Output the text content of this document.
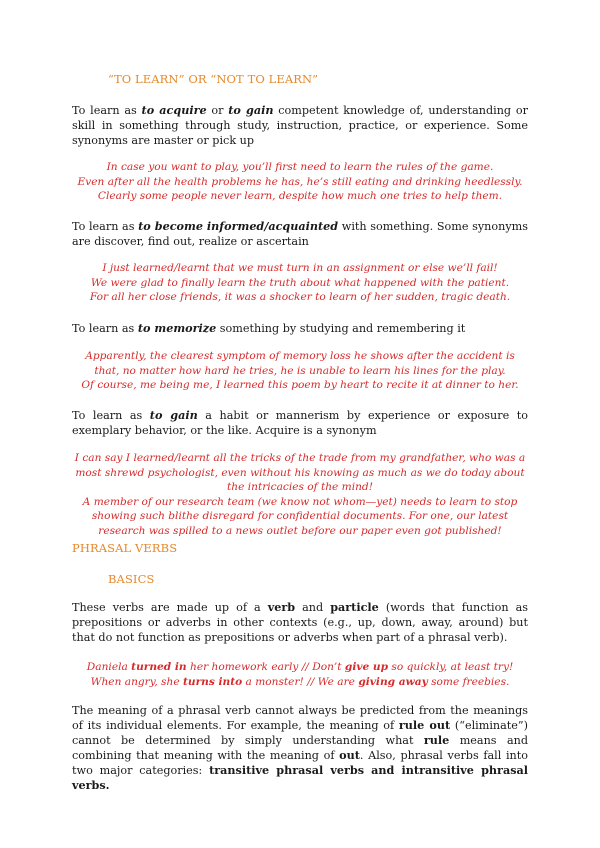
“TO LEARN” OR “NOT TO LEARN”

To learn as to acquire or to gain competent knowledge of, understanding or skill in something through study, instruction, practice, or experience. Some synonyms are master or pick up

In case you want to play, you’ll first need to learn the rules of the game.
Even after all the health problems he has, he’s still eating and drinking heedlessly.
Clearly some people never learn, despite how much one tries to help them.

To learn as to become informed/acquainted with something. Some synonyms are discover, find out, realize or ascertain

I just learned/learnt that we must turn in an assignment or else we’ll fail!
We were glad to finally learn the truth about what happened with the patient.
For all her close friends, it was a shocker to learn of her sudden, tragic death.

To learn as to memorize something by studying and remembering it

Apparently, the clearest symptom of memory loss he shows after the accident is that, no matter how hard he tries, he is unable to learn his lines for the play.
Of course, me being me, I learned this poem by heart to recite it at dinner to her.

To learn as to gain a habit or mannerism by experience or exposure to exemplary behavior, or the like. Acquire is a synonym

I can say I learned/learnt all the tricks of the trade from my grandfather, who was a most shrewd psychologist, even without his knowing as much as we do today about the intricacies of the mind!
A member of our research team (we know not whom—yet) needs to learn to stop showing such blithe disregard for confidential documents. For one, our latest research was spilled to a news outlet before our paper even got published!

PHRASAL VERBS

BASICS

These verbs are made up of a verb and particle (words that function as prepositions or adverbs in other contexts (e.g., up, down, away, around) but that do not function as prepositions or adverbs when part of a phrasal verb).

Daniela turned in her homework early // Don’t give up so quickly, at least try!
When angry, she turns into a monster! // We are giving away some freebies.

The meaning of a phrasal verb cannot always be predicted from the meanings of its individual elements. For example, the meaning of rule out (“eliminate”) cannot be determined by simply understanding what rule means and combining that meaning with the meaning of out. Also, phrasal verbs fall into two major categories: transitive phrasal verbs and intransitive phrasal verbs.
